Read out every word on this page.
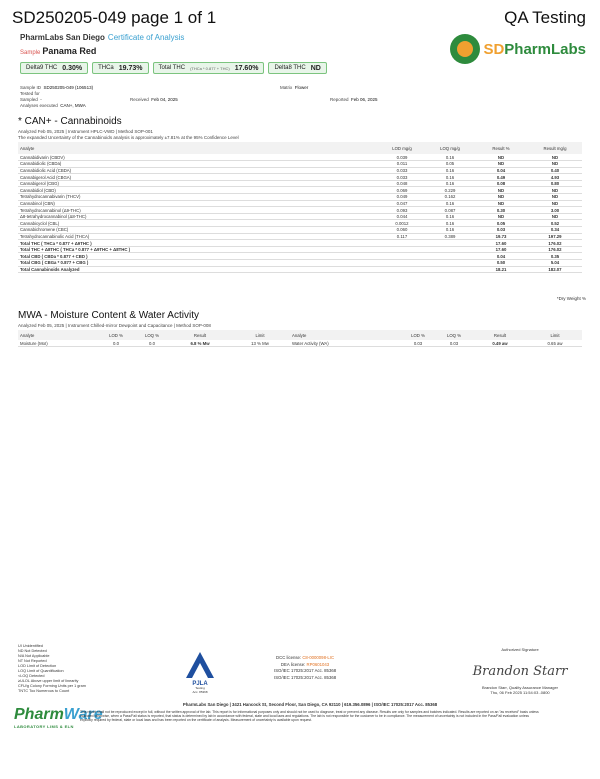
SD250205-049 page 1 of 1	QA Testing
PharmLabs San Diego Certificate of Analysis
Sample Panama Red	SDPharmLabs
Delta9 THC 0.30%	THCa 19.73%	Total THC (THCa * 0.877 + THC) 17.60%	Delta8 THC ND
Sample ID SD250205-049 (106513)	Matrix Flower
Tested for
Sampled -	Received Feb 04, 2025	Reported Feb 06, 2025
Analyses executed CAN+, MWA
* CAN+ - Cannabinoids
Analyzed Feb 05, 2025 | Instrument HPLC-VWD | Method SOP-001
The expanded Uncertainty of the Cannabinoids analysis is approximately ±7.81% at the 95% Confidence Level
Analyte	LOD mg/g	LOQ mg/g	Result %	Result mg/g
Cannabidivarin (CBDV)	0.039	0.16	ND	ND
Cannabidiolic (CBDa)	0.011	0.05	ND	ND
Cannabidiolic Acid (CBDA)	0.033	0.16	0.04	0.40
Cannabigerol Acid (CBGA)	0.033	0.16	0.49	4.93
Cannabigerol (CBG)	0.048	0.16	0.08	0.80
Cannabidiol (CBD)	0.069	0.229	ND	ND
Tetrahydrocannabivarin (THCV)	0.049	0.162	ND	ND
Cannabinol (CBN)	0.047	0.16	ND	ND
Tetrahydrocannabinol (Δ9-THC)	0.093	0.087	0.30	3.00
Δ8-tetrahydrocannabinol (Δ8-THC)	0.044	0.16	ND	ND
Cannabicyclol (CBL)	0.0012	0.16	0.05	0.52
Cannabichromene (CBC)	0.060	0.16	0.03	0.34
Tetrahydrocannabinolic Acid (THCA)	0.117	0.389	19.73	197.29
Total THC ( THCa * 0.877 + Δ9THC )			17.60	176.02
Total THC + Δ8THC ( THCa * 0.877 + Δ9THC + Δ8THC )			17.60	176.02
Total CBD ( CBDa * 0.877 + CBD )			0.04	0.35
Total CBG ( CBGa * 0.877 + CBG )			0.50	5.04
Total Cannabinoids Analyzed			18.21	182.07
*Dry Weight %
MWA - Moisture Content & Water Activity
Analyzed Feb 05, 2025 | Instrument Chilled-mirror Dewpoint and Capacitance | Method SOP-008
Analyte	LOD %	LOQ %	Result	Limit	Analyte	LOD %	LOQ %	Result	Limit
Moisture (MoI)	0.0	0.0	6.8 % Mw	13 % Mw	Water Activity (WA)	0.03	0.03	0.49 aw	0.65 aw
UI Unidentified
ND Not Detected
N/A Not Applicable
NT Not Reported
LOD Limit of Detection
LOQ Limit of Quantification
<LOQ Detected
≥ULOL Above upper limit of linearity
CFU/g Colony Forming Units per 1 gram
TNTC Too Numerous to Count
PJLA
Testing
Acc. 85368
DCC license: C8-0000098-LIC
DEA license: RP0601043
ISO/IEC 17025:2017 Acc. 85368
ISO/IEC 17025:2017 Acc. 85368
Authorized Signature
Brandon Starr
Brandon Starr, Quality Assurance Manager
Thu, 06 Feb 2025 11:54:03 -0800
PharmWare
LABORATORY LIMS & ELN
PharmLabs San Diego | 3421 Hancock St, Second Floor, San Diego, CA 92110 | 619.356.0896 | ISO/IEC 17025:2017 Acc. 85368
This report shall not be reproduced except in full, without the written approval of the lab. This report is for informational purposes only and should not be used to diagnose, treat or prevent any disease. Results are only for samples and batches indicated. Results are reported on an "as received" basis unless indicated otherwise, when a Pass/Fail status is reported, that status is determined by lab in accordance with federal, state and local laws and regulations. The lab is not responsible for the customer to be in compliance. The measurement of uncertainty is not included in the Pass/Fail evaluation unless explicitly required by federal, state or local laws and has been reported on the certificate of analysis. Measurement of uncertainty is available upon request.
